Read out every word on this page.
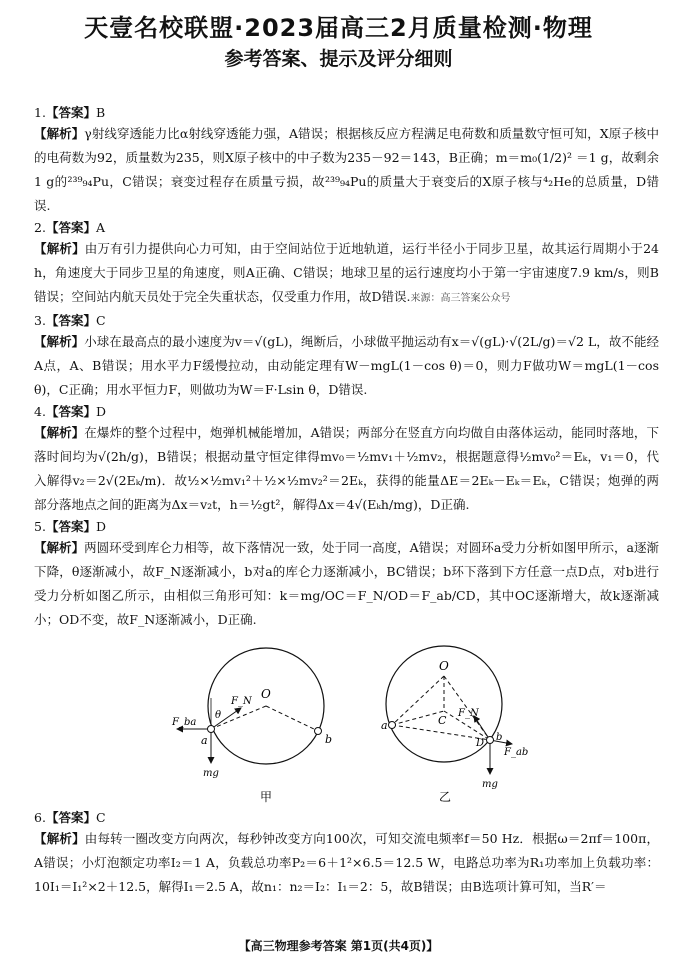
天壹名校联盟·2023届高三2月质量检测·物理
参考答案、提示及评分细则

1.【答案】B

【解析】γ射线穿透能力比α射线穿透能力强，A错误；根据核反应方程满足电荷数和质量数守恒可知，X原子核中的电荷数为92，质量数为235，则X原子核中的中子数为235－92＝143，B正确；m＝m₀(1/2)² ＝1 g，故剩余1 g的²³⁹₉₄Pu，C错误；衰变过程存在质量亏损，故²³⁹₉₄Pu的质量大于衰变后的X原子核与⁴₂He的总质量，D错误.

2.【答案】A

【解析】由万有引力提供向心力可知，由于空间站位于近地轨道，运行半径小于同步卫星，故其运行周期小于24 h，角速度大于同步卫星的角速度，则A正确、C错误；地球卫星的运行速度均小于第一宇宙速度7.9 km/s，则B错误；空间站内航天员处于完全失重状态，仅受重力作用，故D错误.来源：高三答案公众号

3.【答案】C

【解析】小球在最高点的最小速度为v＝√(gL)，绳断后，小球做平抛运动有x＝√(gL)·√(2L/g)＝√2 L，故不能经A点，A、B错误；用水平力F缓慢拉动，由动能定理有W－mgL(1－cos θ)＝0，则力F做功W＝mgL(1－cos θ)，C正确；用水平恒力F，则做功为W＝F·Lsin θ，D错误.

4.【答案】D

【解析】在爆炸的整个过程中，炮弹机械能增加，A错误；两部分在竖直方向均做自由落体运动，能同时落地，下落时间均为√(2h/g)，B错误；根据动量守恒定律得mv₀＝½mv₁＋½mv₂，根据题意得½mv₀²＝Eₖ，v₁＝0，代入解得v₂＝2√(2Eₖ/m)．故½×½mv₁²＋½×½mv₂²＝2Eₖ，获得的能量ΔE＝2Eₖ－Eₖ＝Eₖ，C错误；炮弹的两部分落地点之间的距离为Δx＝v₂t，h＝½gt²，解得Δx＝4√(Eₖh/mg)，D正确.

5.【答案】D

【解析】两圆环受到库仑力相等，故下落情况一致，处于同一高度，A错误；对圆环a受力分析如图甲所示，a逐渐下降，θ逐渐减小，故F_N逐渐减小，b对a的库仑力逐渐减小，BC错误；b环下落到下方任意一点D点，对b进行受力分析如图乙所示，由相似三角形可知：k＝mg/OC＝F_N/OD＝F_ab/CD，其中OC逐渐增大，故k逐渐减小；OD不变，故F_N逐渐减小，D正确.

O
F_N
θ
F_ba
a	b
mg
甲
O
a	C
F_N
D
b
F_ab
mg
乙

6.【答案】C

【解析】由每转一圈改变方向两次，每秒钟改变方向100次，可知交流电频率f＝50 Hz．根据ω＝2πf＝100π，A错误；小灯泡额定功率I₂＝1 A，负载总功率P₂＝6＋1²×6.5＝12.5 W，电路总功率为R₁功率加上负载功率：10I₁＝I₁²×2＋12.5，解得I₁＝2.5 A，故n₁：n₂＝I₂：I₁＝2：5，故B错误；由B选项计算可知，当R′＝

【高三物理参考答案 第1页(共4页)】
